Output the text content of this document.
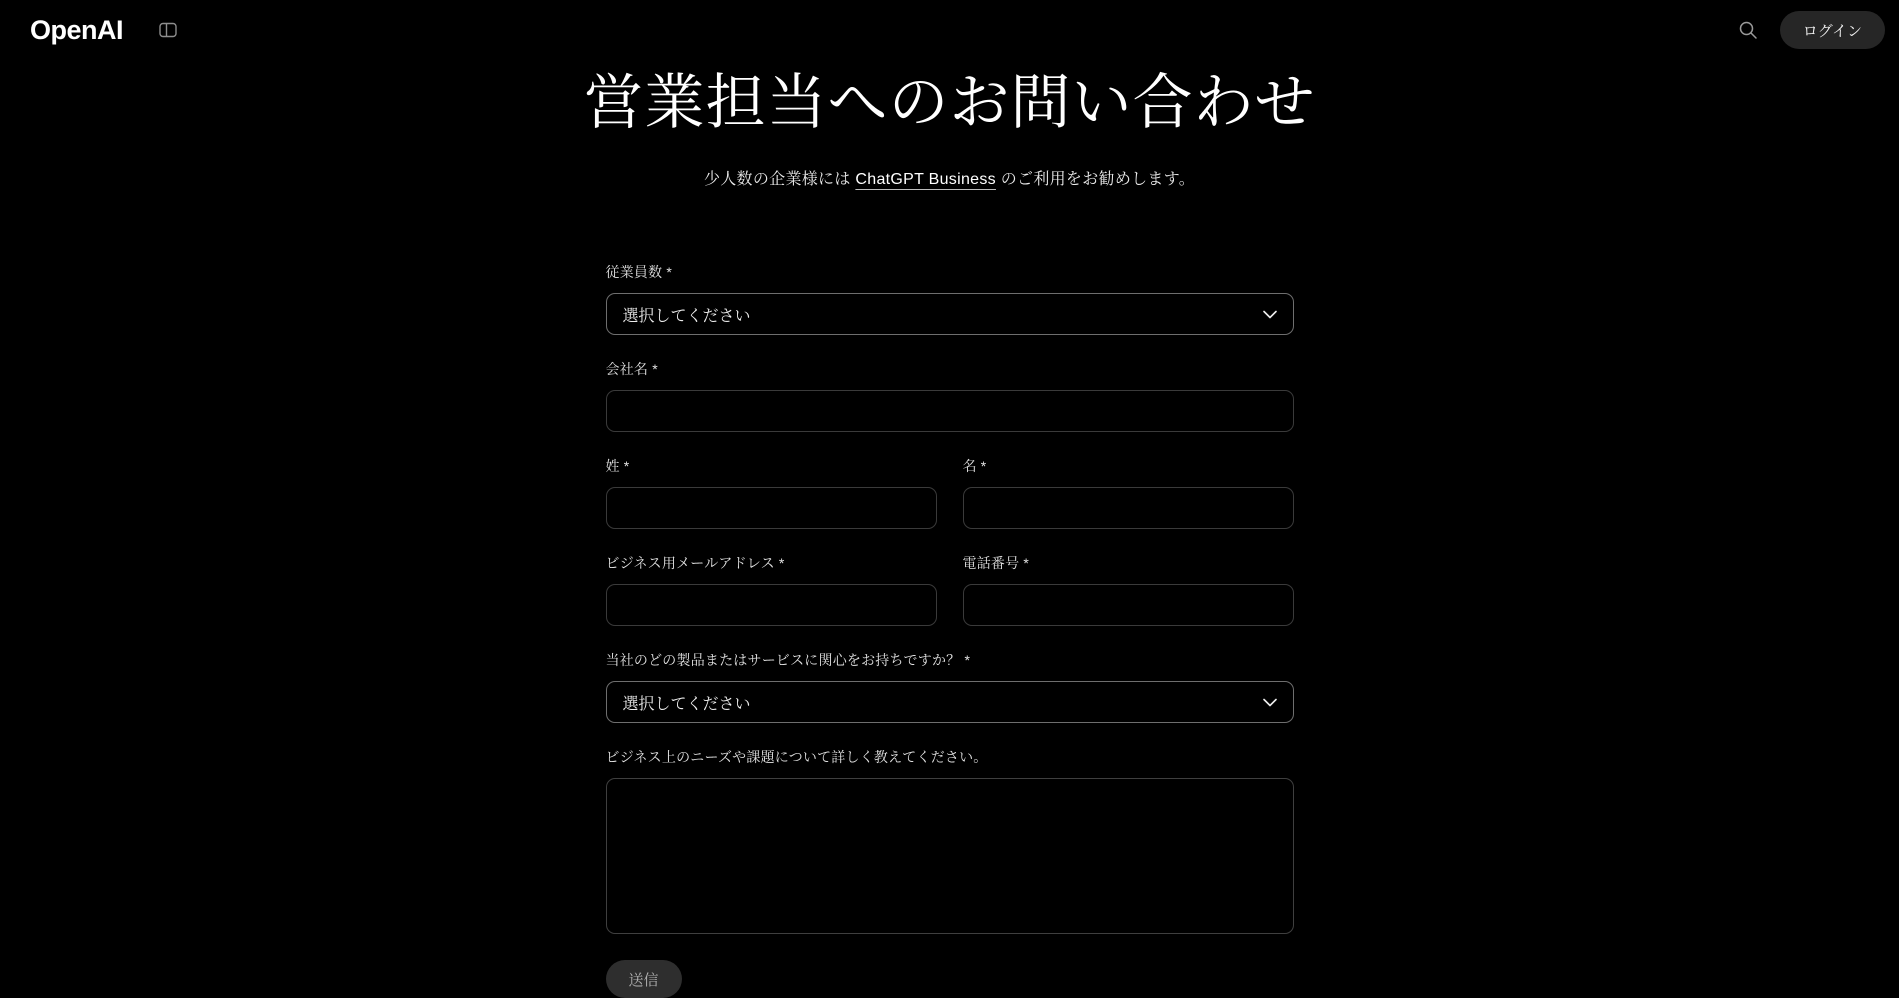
OpenAI	ログイン
営業担当へのお問い合わせ

少人数の企業様には ChatGPT Business のご利用をお勧めします。

従業員数 *
選択してください
会社名 *
姓 *	名 *
ビジネス用メールアドレス *	電話番号 *
当社のどの製品またはサービスに関心をお持ちですか？ *
選択してください
ビジネス上のニーズや課題について詳しく教えてください。
送信
